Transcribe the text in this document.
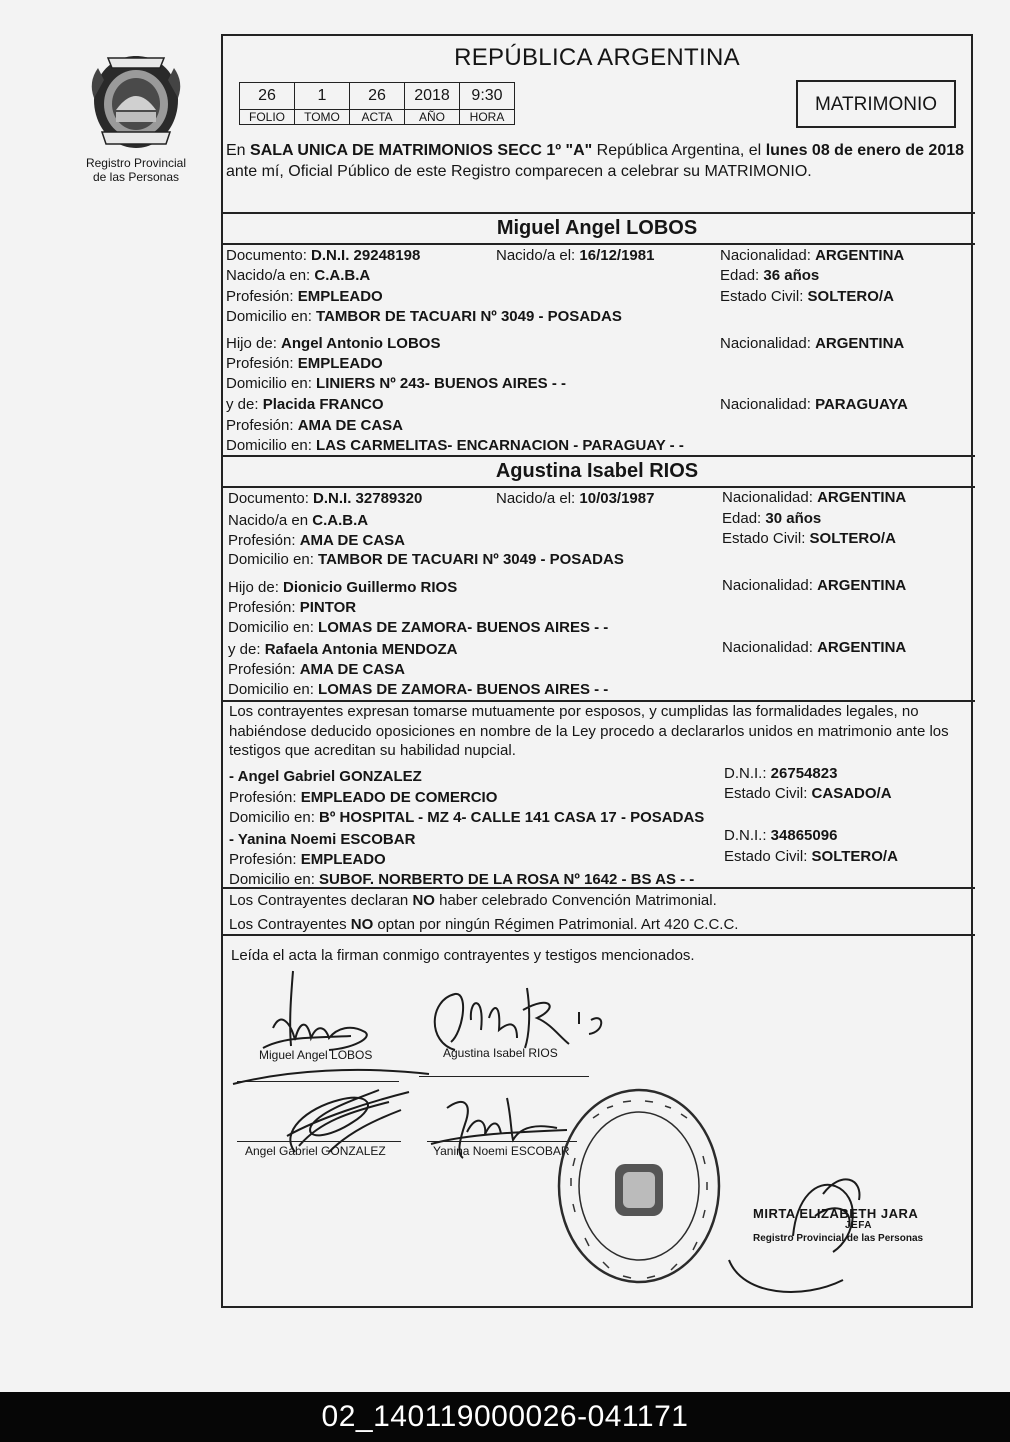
Registro Provincial
de las Personas
REPÚBLICA ARGENTINA
26	1	26	2018	9:30
FOLIO	TOMO	ACTA	AÑO	HORA
MATRIMONIO
En SALA UNICA DE MATRIMONIOS SECC 1º "A" República Argentina, el lunes 08 de enero de 2018 ante mí, Oficial Público de este Registro comparecen a celebrar su MATRIMONIO.
Miguel Angel LOBOS
Documento: D.N.I. 29248198	Nacido/a el: 16/12/1981	Nacionalidad: ARGENTINA
Nacido/a en: C.A.B.A	Edad: 36 años
Profesión: EMPLEADO	Estado Civil: SOLTERO/A
Domicilio en: TAMBOR DE TACUARI Nº 3049 - POSADAS
Hijo de: Angel Antonio LOBOS	Nacionalidad: ARGENTINA
Profesión: EMPLEADO
Domicilio en: LINIERS Nº 243- BUENOS AIRES - -
y de: Placida FRANCO	Nacionalidad: PARAGUAYA
Profesión: AMA DE CASA
Domicilio en: LAS CARMELITAS- ENCARNACION - PARAGUAY - -
Agustina Isabel RIOS
Documento: D.N.I. 32789320	Nacido/a el: 10/03/1987	Nacionalidad: ARGENTINA
Nacido/a en C.A.B.A	Edad: 30 años
Profesión: AMA DE CASA	Estado Civil: SOLTERO/A
Domicilio en: TAMBOR DE TACUARI Nº 3049 - POSADAS
Hijo de: Dionicio Guillermo RIOS	Nacionalidad: ARGENTINA
Profesión: PINTOR
Domicilio en: LOMAS DE ZAMORA- BUENOS AIRES - -
y de: Rafaela Antonia MENDOZA	Nacionalidad: ARGENTINA
Profesión: AMA DE CASA
Domicilio en: LOMAS DE ZAMORA- BUENOS AIRES - -
Los contrayentes expresan tomarse mutuamente por esposos, y cumplidas las formalidades legales, no habiéndose deducido oposiciones en nombre de la Ley procedo a declararlos unidos en matrimonio ante los testigos que acreditan su habilidad nupcial.
- Angel Gabriel GONZALEZ	D.N.I.: 26754823
Profesión: EMPLEADO DE COMERCIO	Estado Civil: CASADO/A
Domicilio en: Bº HOSPITAL - MZ 4- CALLE 141 CASA 17 - POSADAS
- Yanina Noemi ESCOBAR	D.N.I.: 34865096
Profesión: EMPLEADO	Estado Civil: SOLTERO/A
Domicilio en: SUBOF. NORBERTO DE LA ROSA Nº 1642 - BS AS - -
Los Contrayentes declaran NO haber celebrado Convención Matrimonial.
Los Contrayentes NO optan por ningún Régimen Patrimonial. Art 420 C.C.C.
Leída el acta la firman conmigo contrayentes y testigos mencionados.
Miguel Angel LOBOS	Agustina Isabel RIOS
Angel Gabriel GONZALEZ	Yanina Noemi ESCOBAR
MIRTA ELIZABETH JARA
JEFA
Registro Provincial de las Personas
02_140119000026-041171
